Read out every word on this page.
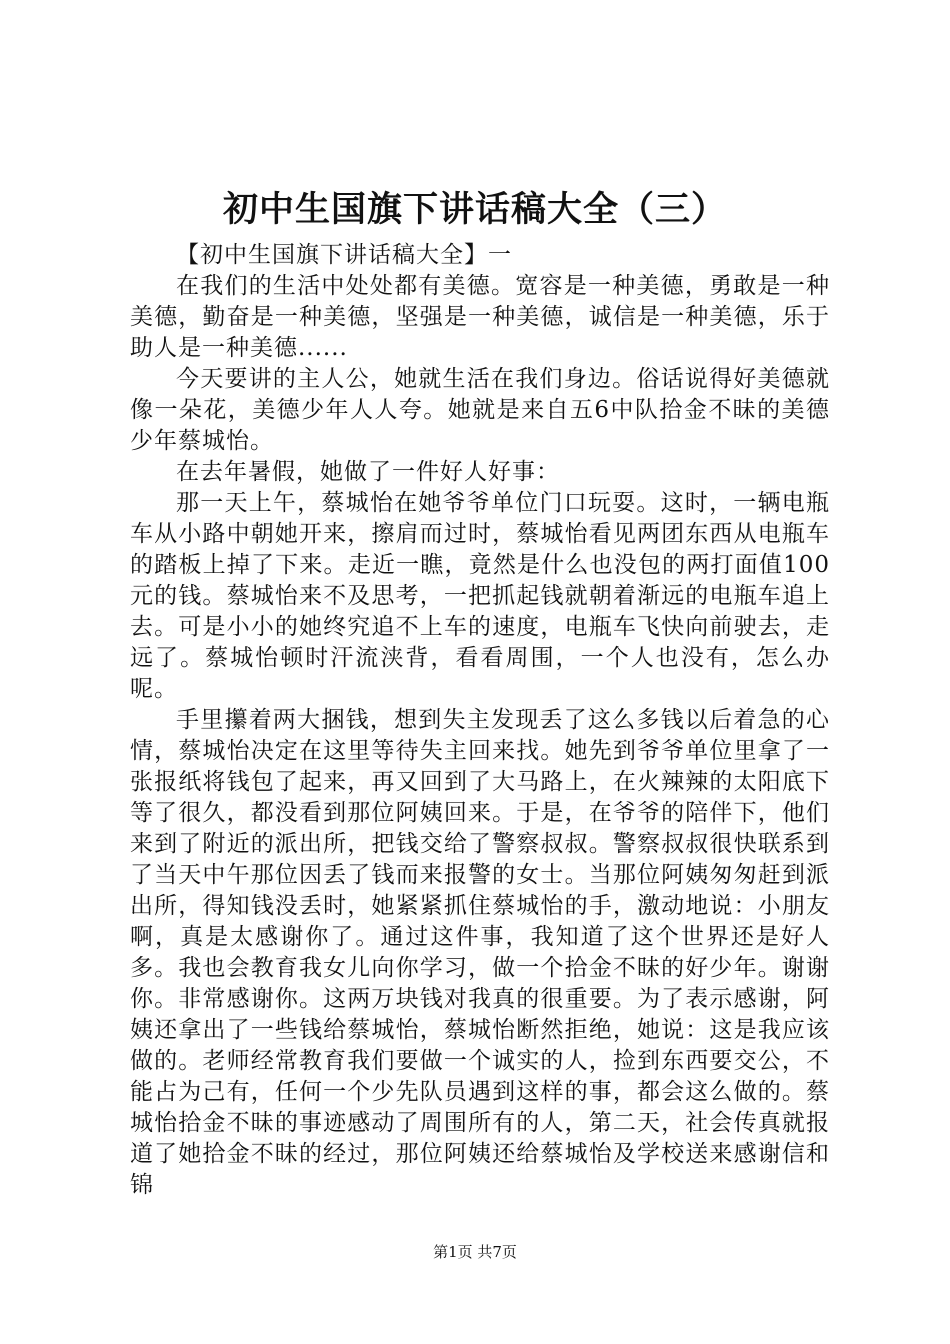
初中生国旗下讲话稿大全（三）

【初中生国旗下讲话稿大全】一

在我们的生活中处处都有美德。宽容是一种美德，勇敢是一种美德，勤奋是一种美德，坚强是一种美德，诚信是一种美德，乐于助人是一种美德......

今天要讲的主人公，她就生活在我们身边。俗话说得好美德就像一朵花，美德少年人人夸。她就是来自五6中队拾金不昧的美德少年蔡城怡。

在去年暑假，她做了一件好人好事：

那一天上午，蔡城怡在她爷爷单位门口玩耍。这时，一辆电瓶车从小路中朝她开来，擦肩而过时，蔡城怡看见两团东西从电瓶车的踏板上掉了下来。走近一瞧，竟然是什么也没包的两打面值100元的钱。蔡城怡来不及思考，一把抓起钱就朝着渐远的电瓶车追上去。可是小小的她终究追不上车的速度，电瓶车飞快向前驶去，走远了。蔡城怡顿时汗流浃背，看看周围，一个人也没有，怎么办呢。

手里攥着两大捆钱，想到失主发现丢了这么多钱以后着急的心情，蔡城怡决定在这里等待失主回来找。她先到爷爷单位里拿了一张报纸将钱包了起来，再又回到了大马路上，在火辣辣的太阳底下等了很久，都没看到那位阿姨回来。于是，在爷爷的陪伴下，他们来到了附近的派出所，把钱交给了警察叔叔。警察叔叔很快联系到了当天中午那位因丢了钱而来报警的女士。当那位阿姨匆匆赶到派出所，得知钱没丢时，她紧紧抓住蔡城怡的手，激动地说：小朋友啊，真是太感谢你了。通过这件事，我知道了这个世界还是好人多。我也会教育我女儿向你学习，做一个拾金不昧的好少年。谢谢你。非常感谢你。这两万块钱对我真的很重要。为了表示感谢，阿姨还拿出了一些钱给蔡城怡，蔡城怡断然拒绝，她说：这是我应该做的。老师经常教育我们要做一个诚实的人，捡到东西要交公，不能占为己有，任何一个少先队员遇到这样的事，都会这么做的。蔡城怡拾金不昧的事迹感动了周围所有的人，第二天，社会传真就报道了她拾金不昧的经过，那位阿姨还给蔡城怡及学校送来感谢信和锦

第1页 共7页
